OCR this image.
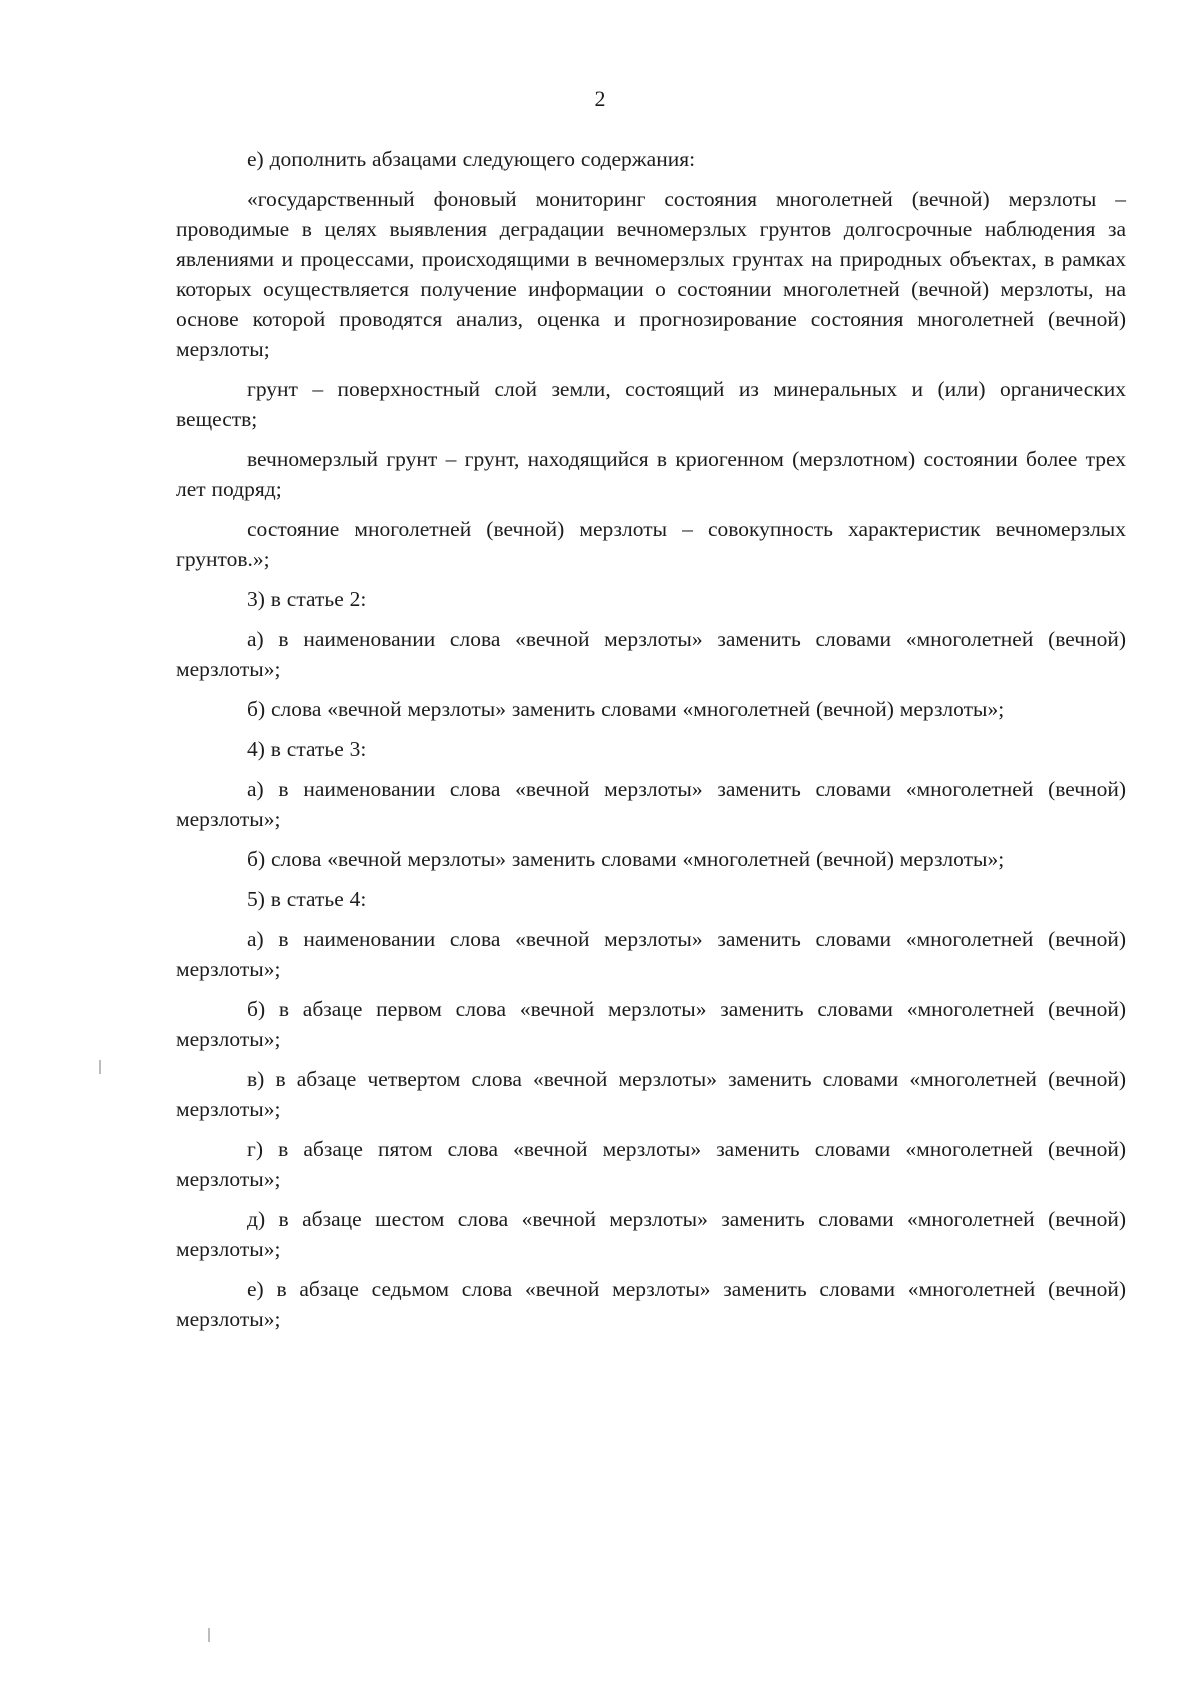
2

е) дополнить абзацами следующего содержания:

«государственный фоновый мониторинг состояния многолетней (вечной) мерзлоты – проводимые в целях выявления деградации вечномерзлых грунтов долгосрочные наблюдения за явлениями и процессами, происходящими в вечномерзлых грунтах на природных объектах, в рамках которых осуществляется получение информации о состоянии многолетней (вечной) мерзлоты, на основе которой проводятся анализ, оценка и прогнозирование состояния многолетней (вечной) мерзлоты;

грунт – поверхностный слой земли, состоящий из минеральных и (или) органических веществ;

вечномерзлый грунт – грунт, находящийся в криогенном (мерзлотном) состоянии более трех лет подряд;

состояние многолетней (вечной) мерзлоты – совокупность характеристик вечномерзлых грунтов.»;

3) в статье 2:

а) в наименовании слова «вечной мерзлоты» заменить словами «многолетней (вечной) мерзлоты»;

б) слова «вечной мерзлоты» заменить словами «многолетней (вечной) мерзлоты»;

4) в статье 3:

а) в наименовании слова «вечной мерзлоты» заменить словами «многолетней (вечной) мерзлоты»;

б) слова «вечной мерзлоты» заменить словами «многолетней (вечной) мерзлоты»;

5) в статье 4:

а) в наименовании слова «вечной мерзлоты» заменить словами «многолетней (вечной) мерзлоты»;

б) в абзаце первом слова «вечной мерзлоты» заменить словами «многолетней (вечной) мерзлоты»;

в) в абзаце четвертом слова «вечной мерзлоты» заменить словами «многолетней (вечной) мерзлоты»;

г) в абзаце пятом слова «вечной мерзлоты» заменить словами «многолетней (вечной) мерзлоты»;

д) в абзаце шестом слова «вечной мерзлоты» заменить словами «многолетней (вечной) мерзлоты»;

е) в абзаце седьмом слова «вечной мерзлоты» заменить словами «многолетней (вечной) мерзлоты»;
